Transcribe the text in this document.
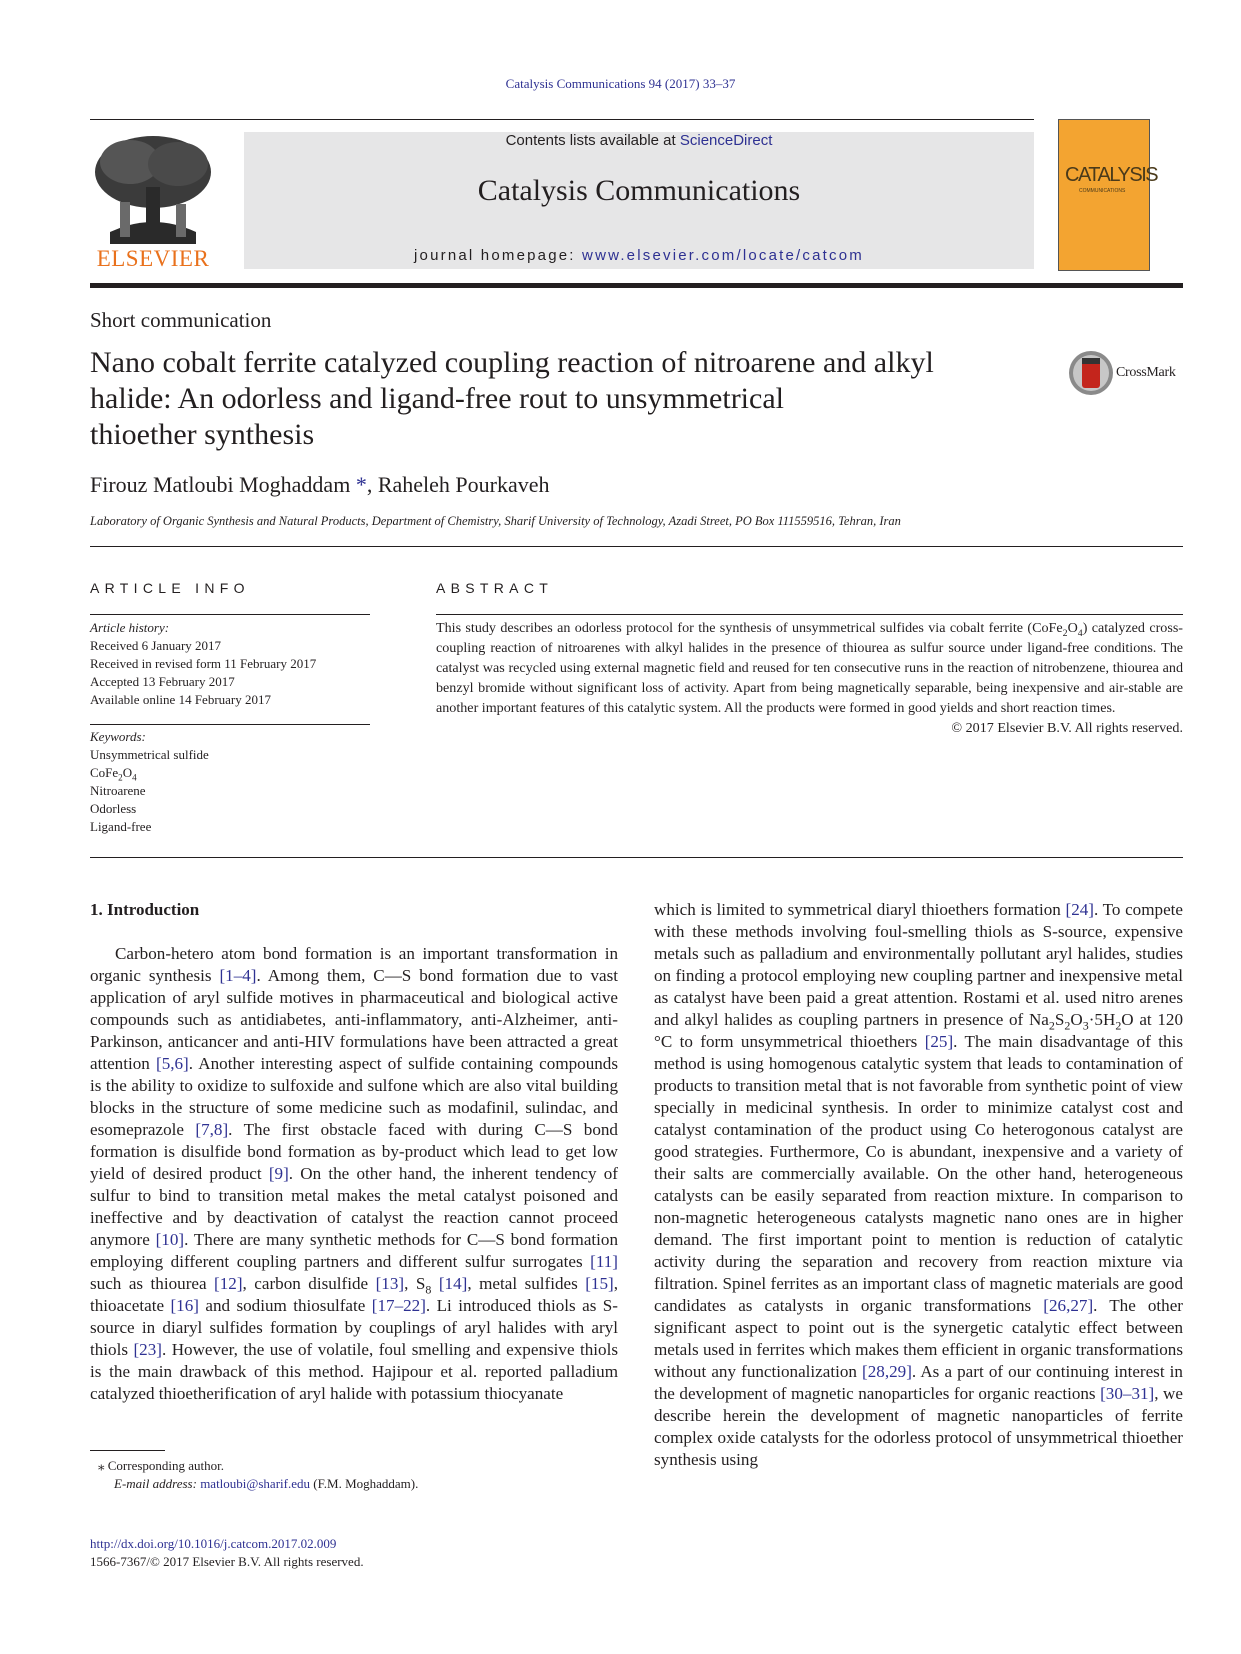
Catalysis Communications 94 (2017) 33–37
ELSEVIER
Contents lists available at ScienceDirect
Catalysis Communications
journal homepage: www.elsevier.com/locate/catcom
CATALYSIS
COMMUNICATIONS
Short communication
Nano cobalt ferrite catalyzed coupling reaction of nitroarene and alkyl
halide: An odorless and ligand-free rout to unsymmetrical
thioether synthesis
CrossMark
Firouz Matloubi Moghaddam *, Raheleh Pourkaveh
Laboratory of Organic Synthesis and Natural Products, Department of Chemistry, Sharif University of Technology, Azadi Street, PO Box 111559516, Tehran, Iran
ARTICLE INFO	ABSTRACT
Article history:
Received 6 January 2017
Received in revised form 11 February 2017
Accepted 13 February 2017
Available online 14 February 2017
Keywords:
Unsymmetrical sulfide
$CoFe_2O_4$
Nitroarene
Odorless
Ligand-free
This study describes an odorless protocol for the synthesis of unsymmetrical sulfides via cobalt ferrite $(CoFe_2O_4)$ catalyzed cross-coupling reaction of nitroarenes with alkyl halides in the presence of thiourea as sulfur source under ligand-free conditions. The catalyst was recycled using external magnetic field and reused for ten consecutive runs in the reaction of nitrobenzene, thiourea and benzyl bromide without significant loss of activity. Apart from being magnetically separable, being inexpensive and air-stable are another important features of this catalytic system. All the products were formed in good yields and short reaction times.
© 2017 Elsevier B.V. All rights reserved.
1. Introduction

Carbon-hetero atom bond formation is an important transformation in organic synthesis [1–4]. Among them, C—S bond formation due to vast application of aryl sulfide motives in pharmaceutical and biological active compounds such as antidiabetes, anti-inflammatory, anti-Alzheimer, anti-Parkinson, anticancer and anti-HIV formulations have been attracted a great attention [5,6]. Another interesting aspect of sulfide containing compounds is the ability to oxidize to sulfoxide and sulfone which are also vital building blocks in the structure of some medicine such as modafinil, sulindac, and esomeprazole [7,8]. The first obstacle faced with during C—S bond formation is disulfide bond formation as by-product which lead to get low yield of desired product [9]. On the other hand, the inherent tendency of sulfur to bind to transition metal makes the metal catalyst poisoned and ineffective and by deactivation of catalyst the reaction cannot proceed anymore [10]. There are many synthetic methods for C—S bond formation employing different coupling partners and different sulfur surrogates [11] such as thiourea [12], carbon disulfide [13], $S_8$ [14], metal sulfides [15], thioacetate [16] and sodium thiosulfate [17–22]. Li introduced thiols as S-source in diaryl sulfides formation by couplings of aryl halides with aryl thiols [23]. However, the use of volatile, foul smelling and expensive thiols is the main drawback of this method. Hajipour et al. reported palladium catalyzed thioetherification of aryl halide with potassium thiocyanate

which is limited to symmetrical diaryl thioethers formation [24]. To compete with these methods involving foul-smelling thiols as S-source, expensive metals such as palladium and environmentally pollutant aryl halides, studies on finding a protocol employing new coupling partner and inexpensive metal as catalyst have been paid a great attention. Rostami et al. used nitro arenes and alkyl halides as coupling partners in presence of $Na_2S_2O_3\cdot 5H_2O$ at 120 °C to form unsymmetrical thioethers [25]. The main disadvantage of this method is using homogenous catalytic system that leads to contamination of products to transition metal that is not favorable from synthetic point of view specially in medicinal synthesis. In order to minimize catalyst cost and catalyst contamination of the product using Co heterogonous catalyst are good strategies. Furthermore, Co is abundant, inexpensive and a variety of their salts are commercially available. On the other hand, heterogeneous catalysts can be easily separated from reaction mixture. In comparison to non-magnetic heterogeneous catalysts magnetic nano ones are in higher demand. The first important point to mention is reduction of catalytic activity during the separation and recovery from reaction mixture via filtration. Spinel ferrites as an important class of magnetic materials are good candidates as catalysts in organic transformations [26,27]. The other significant aspect to point out is the synergetic catalytic effect between metals used in ferrites which makes them efficient in organic transformations without any functionalization [28,29]. As a part of our continuing interest in the development of magnetic nanoparticles for organic reactions [30–31], we describe herein the development of magnetic nanoparticles of ferrite complex oxide catalysts for the odorless protocol of unsymmetrical thioether synthesis using

⁎ Corresponding author.
E-mail address: matloubi@sharif.edu (F.M. Moghaddam).
http://dx.doi.org/10.1016/j.catcom.2017.02.009
1566-7367/© 2017 Elsevier B.V. All rights reserved.
